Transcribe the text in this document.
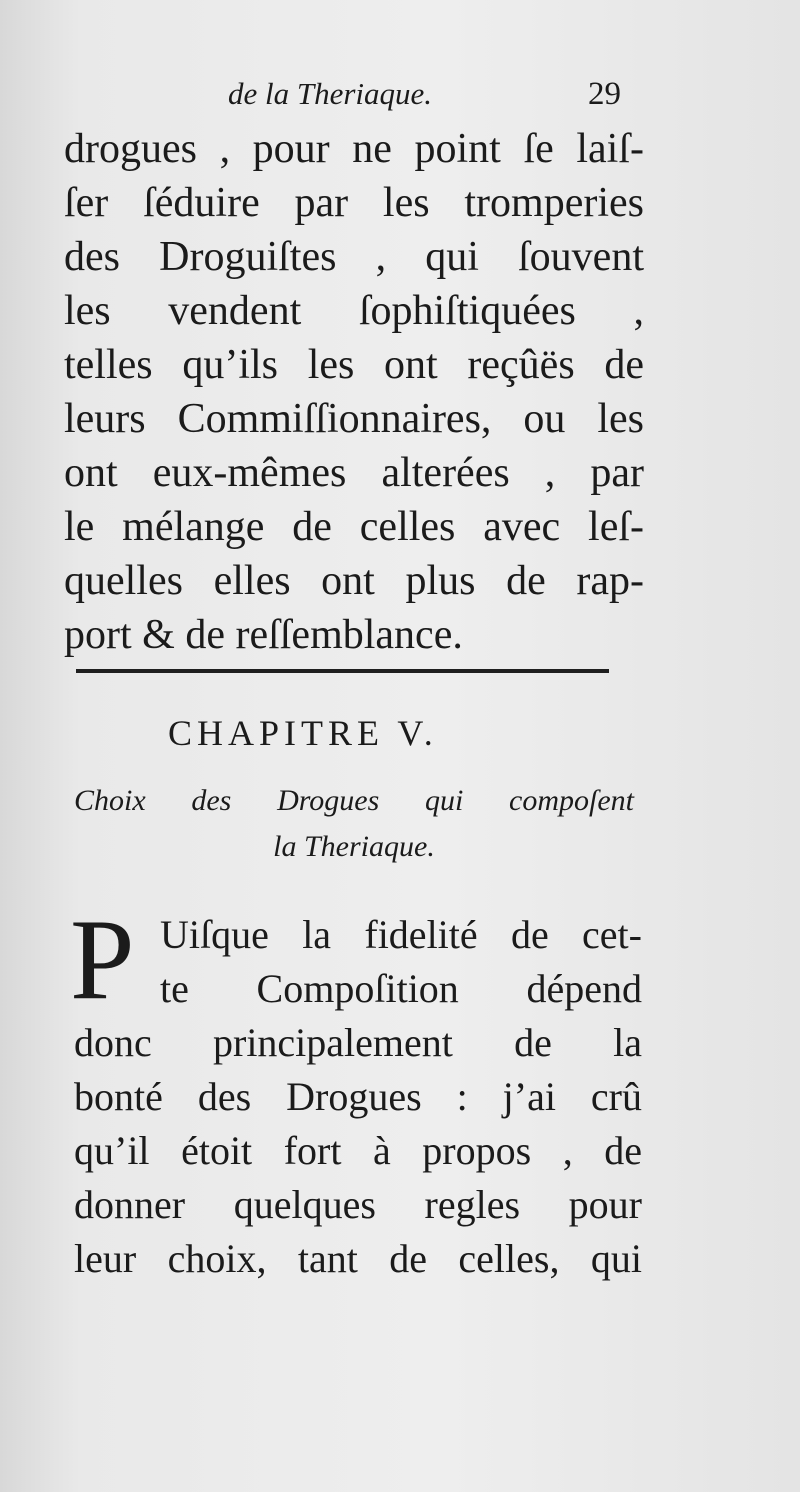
de la Theriaque.	29
drogues , pour ne point ſe laiſ-
ſer ſéduire par les tromperies
des Droguiſtes , qui ſouvent
les vendent ſophiſtiquées ,
telles qu’ils les ont reçûës de
leurs Commiſſionnaires, ou les
ont eux-mêmes alterées , par
le mélange de celles avec leſ-
quelles elles ont plus de rap-
port & de reſſemblance.
CHAPITRE V.
Choix des Drogues qui compoſent
la Theriaque.
P Uiſque la fidelité de cet-
te Compoſition dépend
donc principalement de la
bonté des Drogues : j’ai crû
qu’il étoit fort à propos , de
donner quelques regles pour
leur choix, tant de celles, qui
